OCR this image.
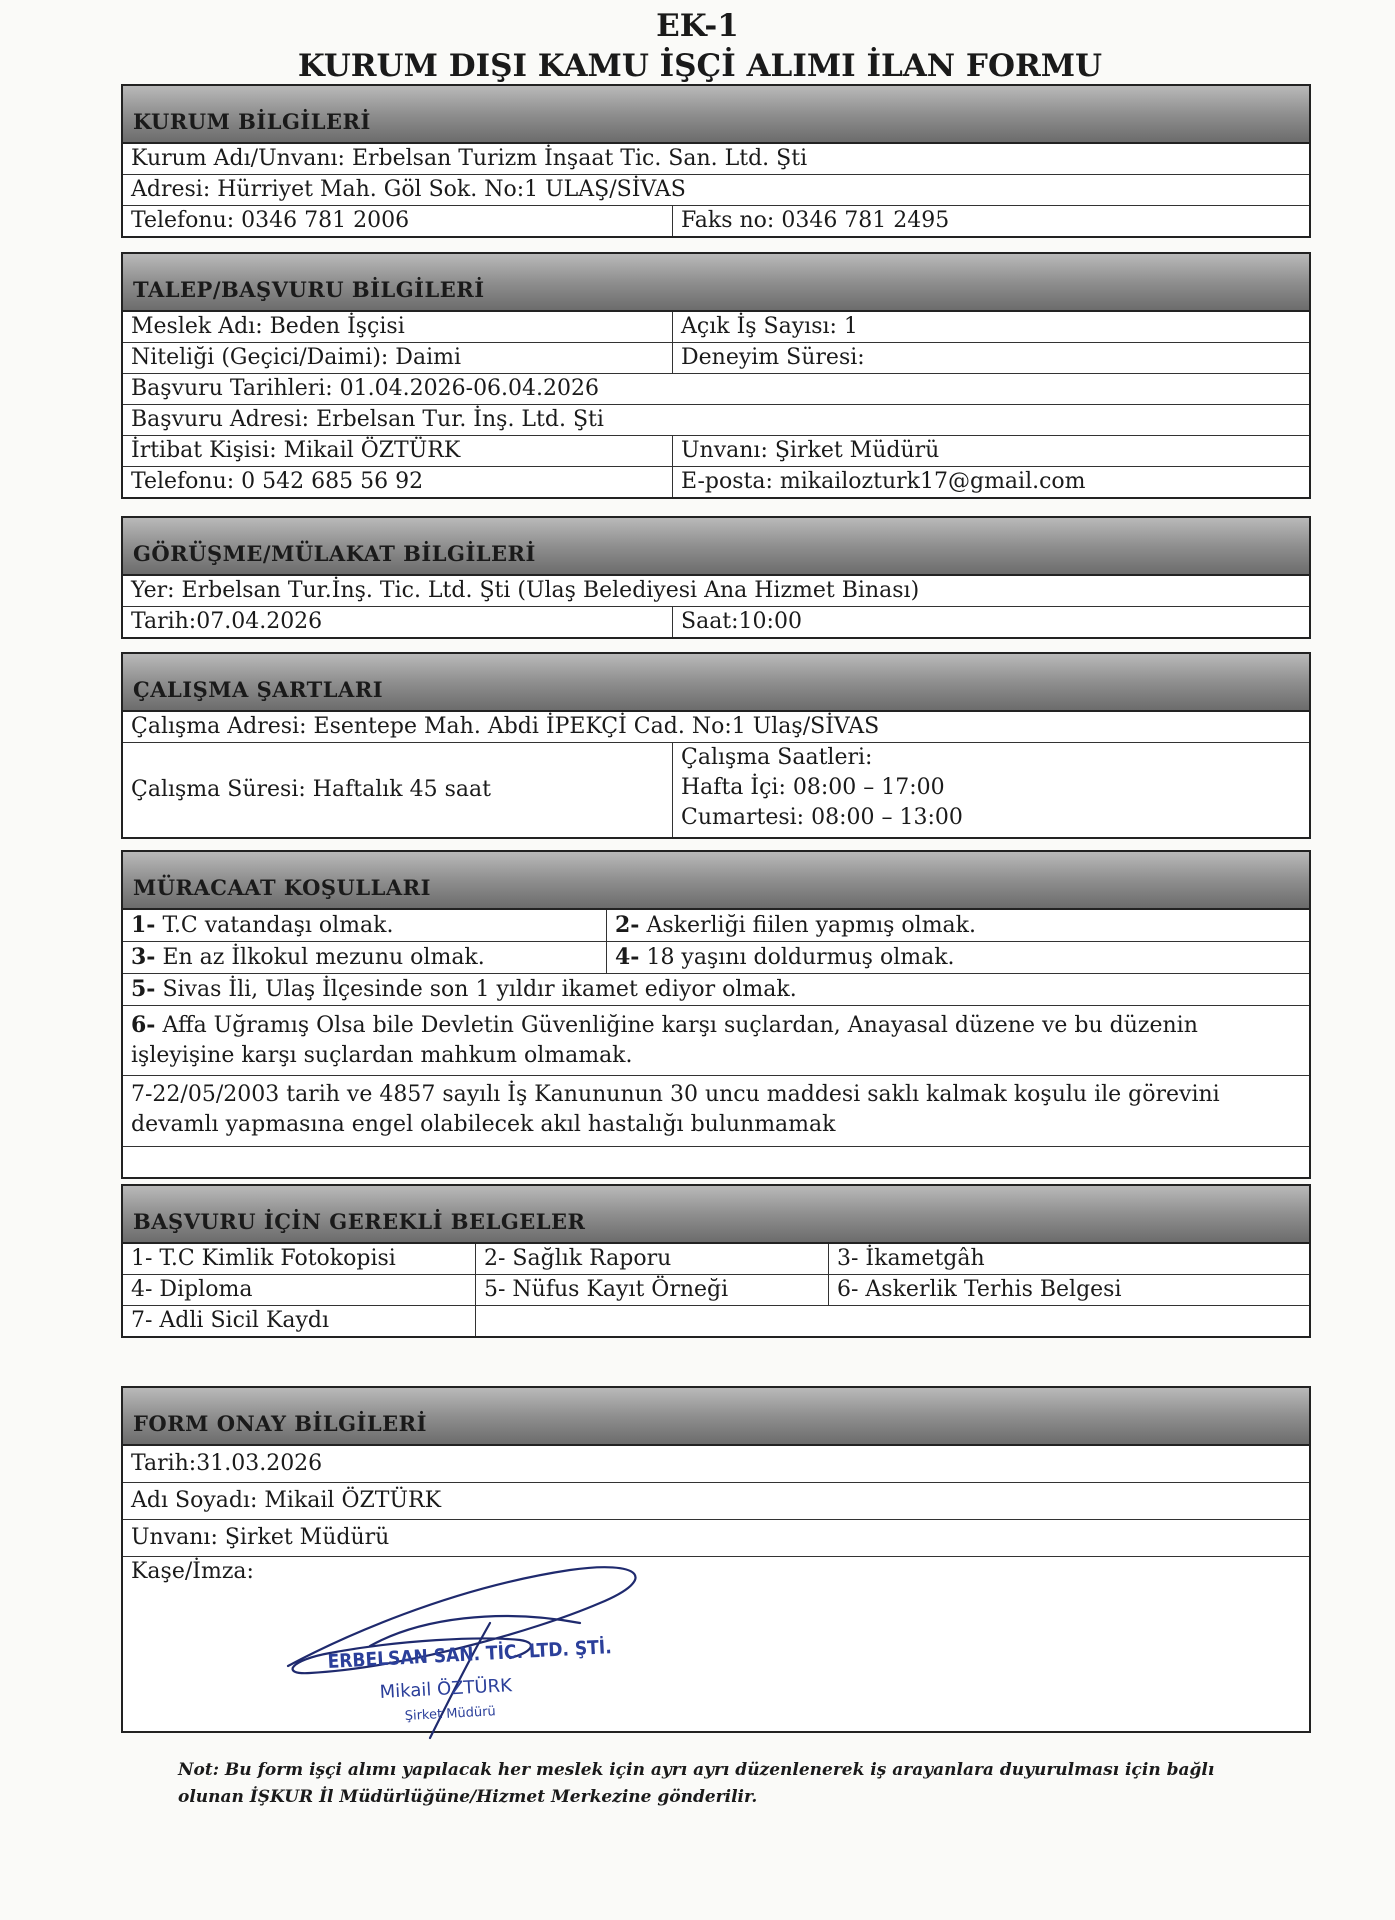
EK-1
KURUM DIŞI KAMU İŞÇİ ALIMI İLAN FORMU
KURUM BİLGİLERİ
Kurum Adı/Unvanı: Erbelsan Turizm İnşaat Tic. San. Ltd. Şti
Adresi: Hürriyet Mah. Göl Sok. No:1 ULAŞ/SİVAS
Telefonu: 0346 781 2006	Faks no: 0346 781 2495
TALEP/BAŞVURU BİLGİLERİ
Meslek Adı: Beden İşçisi	Açık İş Sayısı: 1
Niteliği (Geçici/Daimi): Daimi	Deneyim Süresi:
Başvuru Tarihleri: 01.04.2026-06.04.2026
Başvuru Adresi: Erbelsan Tur. İnş. Ltd. Şti
İrtibat Kişisi: Mikail ÖZTÜRK	Unvanı: Şirket Müdürü
Telefonu: 0 542 685 56 92	E-posta: mikailozturk17@gmail.com
GÖRÜŞME/MÜLAKAT BİLGİLERİ
Yer: Erbelsan Tur.İnş. Tic. Ltd. Şti (Ulaş Belediyesi Ana Hizmet Binası)
Tarih:07.04.2026	Saat:10:00
ÇALIŞMA ŞARTLARI
Çalışma Adresi: Esentepe Mah. Abdi İPEKÇİ Cad. No:1 Ulaş/SİVAS
Çalışma Süresi: Haftalık 45 saat
Çalışma Saatleri:
Hafta İçi: 08:00 – 17:00
Cumartesi: 08:00 – 13:00
MÜRACAAT KOŞULLARI
1- T.C vatandaşı olmak.	2- Askerliği fiilen yapmış olmak.
3- En az İlkokul mezunu olmak.	4- 18 yaşını doldurmuş olmak.
5- Sivas İli, Ulaş İlçesinde son 1 yıldır ikamet ediyor olmak.
6- Affa Uğramış Olsa bile Devletin Güvenliğine karşı suçlardan, Anayasal düzene ve bu düzenin işleyişine karşı suçlardan mahkum olmamak.
7-22/05/2003 tarih ve 4857 sayılı İş Kanununun 30 uncu maddesi saklı kalmak koşulu ile görevini devamlı yapmasına engel olabilecek akıl hastalığı bulunmamak
BAŞVURU İÇİN GEREKLİ BELGELER
1- T.C Kimlik Fotokopisi	2- Sağlık Raporu	3- İkametgâh
4- Diploma	5- Nüfus Kayıt Örneği	6- Askerlik Terhis Belgesi
7- Adli Sicil Kaydı
FORM ONAY BİLGİLERİ
Tarih:31.03.2026
Adı Soyadı: Mikail ÖZTÜRK
Unvanı: Şirket Müdürü
Kaşe/İmza:
ERBELSAN SAN. TİC. LTD. ŞTİ.
Mikail ÖZTÜRK
Şirket Müdürü
Not: Bu form işçi alımı yapılacak her meslek için ayrı ayrı düzenlenerek iş arayanlara duyurulması için bağlı olunan İŞKUR İl Müdürlüğüne/Hizmet Merkezine gönderilir.
